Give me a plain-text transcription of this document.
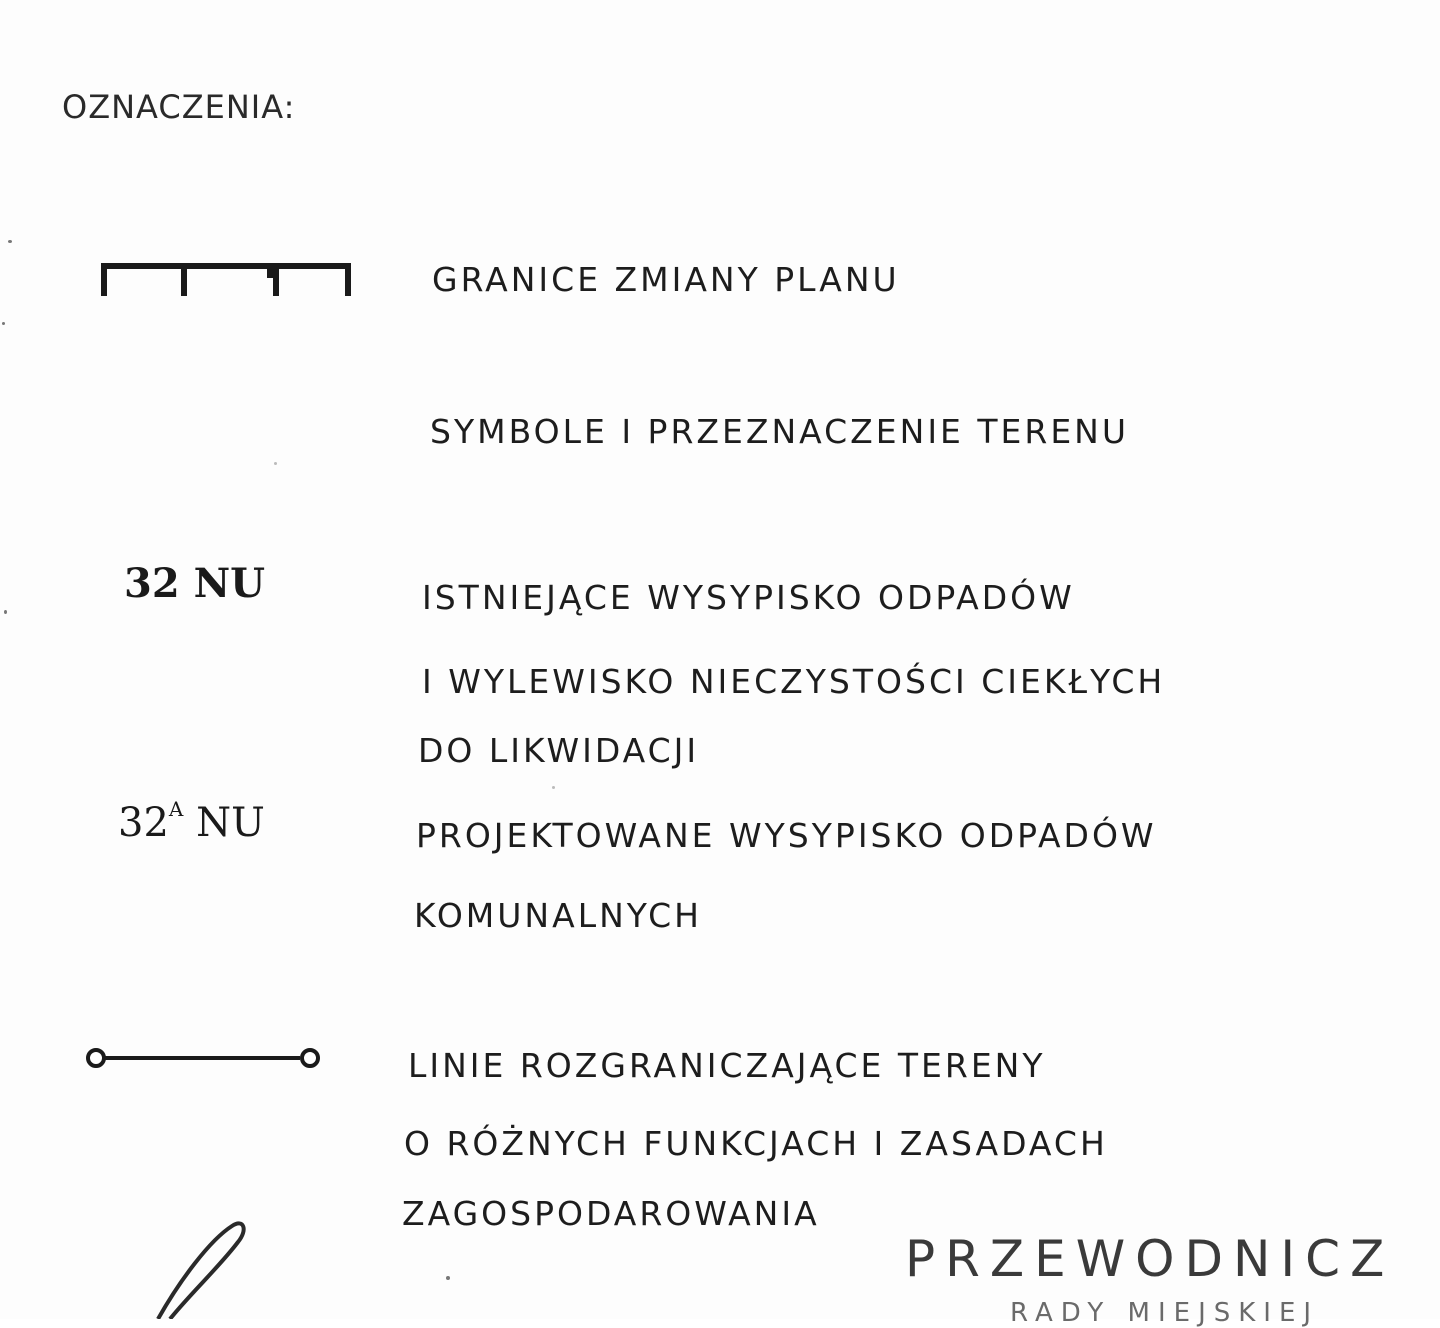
OZNACZENIA:
GRANICE ZMIANY PLANU
SYMBOLE I PRZEZNACZENIE TERENU
32 NU	ISTNIEJĄCE WYSYPISKO ODPADÓW
I WYLEWISKO NIECZYSTOŚCI CIEKŁYCH
DO LIKWIDACJI
$32^A$ NU	PROJEKTOWANE WYSYPISKO ODPADÓW
KOMUNALNYCH
LINIE ROZGRANICZAJĄCE TERENY
O RÓŻNYCH FUNKCJACH I ZASADACH
ZAGOSPODAROWANIA
PRZEWODNICZ
RADY MIEJSKIEJ
